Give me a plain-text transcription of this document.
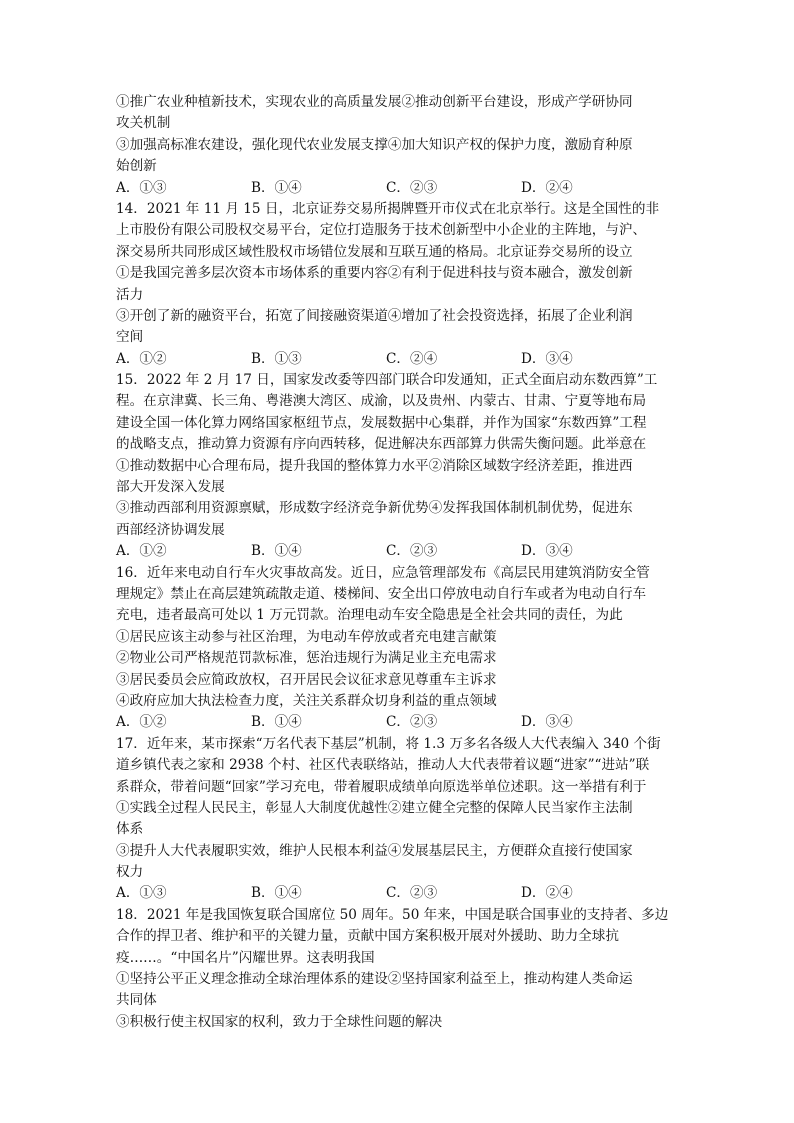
①推广农业种植新技术，实现农业的高质量发展②推动创新平台建设，形成产学研协同
攻关机制
③加强高标准农建设，强化现代农业发展支撑④加大知识产权的保护力度，激励育种原
始创新
A．①③	B．①④	C．②③	D．②④
14．2021 年 11 月 15 日，北京证券交易所揭牌暨开市仪式在北京举行。这是全国性的非
上市股份有限公司股权交易平台，定位打造服务于技术创新型中小企业的主阵地，与沪、
深交易所共同形成区域性股权市场错位发展和互联互通的格局。北京证券交易所的设立
①是我国完善多层次资本市场体系的重要内容②有利于促进科技与资本融合，激发创新
活力
③开创了新的融资平台，拓宽了间接融资渠道④增加了社会投资选择，拓展了企业利润
空间
A．①②	B．①③	C．②④	D．③④
15．2022 年 2 月 17 日，国家发改委等四部门联合印发通知，正式全面启动东数西算”工
程。在京津冀、长三角、粤港澳大湾区、成渝，以及贵州、内蒙古、甘肃、宁夏等地布局
建设全国一体化算力网络国家枢纽节点，发展数据中心集群，并作为国家“东数西算”工程
的战略支点，推动算力资源有序向西转移，促进解决东西部算力供需失衡问题。此举意在
①推动数据中心合理布局，提升我国的整体算力水平②消除区域数字经济差距，推进西
部大开发深入发展
③推动西部利用资源禀赋，形成数字经济竞争新优势④发挥我国体制机制优势，促进东
西部经济协调发展
A．①②	B．①④	C．②③	D．③④
16．近年来电动自行车火灾事故高发。近日，应急管理部发布《高层民用建筑消防安全管
理规定》禁止在高层建筑疏散走道、楼梯间、安全出口停放电动自行车或者为电动自行车
充电，违者最高可处以 1 万元罚款。治理电动车安全隐患是全社会共同的责任，为此
①居民应该主动参与社区治理，为电动车停放或者充电建言献策
②物业公司严格规范罚款标准，惩治违规行为满足业主充电需求
③居民委员会应简政放权，召开居民会议征求意见尊重车主诉求
④政府应加大执法检查力度，关注关系群众切身利益的重点领域
A．①②	B．①④	C．②③	D．③④
17．近年来，某市探索“万名代表下基层”机制，将 1.3 万多名各级人大代表编入 340 个街
道乡镇代表之家和 2938 个村、社区代表联络站，推动人大代表带着议题“进家”“进站”联
系群众，带着问题“回家”学习充电，带着履职成绩单向原选举单位述职。这一举措有利于
①实践全过程人民民主，彰显人大制度优越性②建立健全完整的保障人民当家作主法制
体系
③提升人大代表履职实效，维护人民根本利益④发展基层民主，方便群众直接行使国家
权力
A．①③	B．①④	C．②③	D．②④
18．2021 年是我国恢复联合国席位 50 周年。50 年来，中国是联合国事业的支持者、多边
合作的捍卫者、维护和平的关键力量，贡献中国方案积极开展对外援助、助力全球抗
疫……。“中国名片”闪耀世界。这表明我国
①坚持公平正义理念推动全球治理体系的建设②坚持国家利益至上，推动构建人类命运
共同体
③积极行使主权国家的权利，致力于全球性问题的解决
